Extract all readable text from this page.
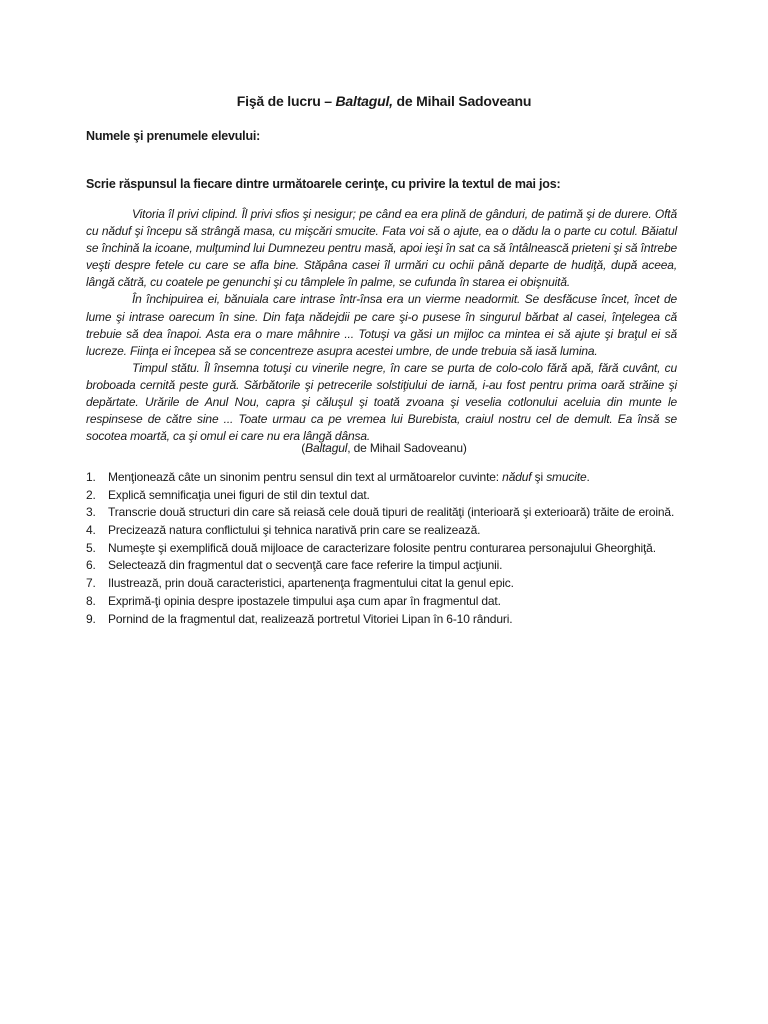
Fişă de lucru – Baltagul, de Mihail Sadoveanu
Numele şi prenumele elevului:
Scrie răspunsul la fiecare dintre următoarele cerinţe, cu privire la textul de mai jos:

Vitoria îl privi clipind. Îl privi sfios şi nesigur; pe când ea era plină de gânduri, de patimă şi de durere. Oftă cu năduf şi începu să strângă masa, cu mişcări smucite. Fata voi să o ajute, ea o dădu la o parte cu cotul. Băiatul se închină la icoane, mulţumind lui Dumnezeu pentru masă, apoi ieşi în sat ca să întâlnească prieteni şi să întrebe veşti despre fetele cu care se afla bine. Stăpâna casei îl urmări cu ochii până departe de hudiţă, după aceea, lângă cătră, cu coatele pe genunchi şi cu tâmplele în palme, se cufunda în starea ei obişnuită.

În închipuirea ei, bănuiala care intrase într-însa era un vierme neadormit. Se desfăcuse încet, încet de lume şi intrase oarecum în sine. Din faţa nădejdii pe care şi-o pusese în singurul bărbat al casei, înţelegea că trebuie să dea înapoi. Asta era o mare mâhnire ... Totuşi va găsi un mijloc ca mintea ei să ajute şi braţul ei să lucreze. Fiinţa ei începea să se concentreze asupra acestei umbre, de unde trebuia să iasă lumina.

Timpul stătu. Îl însemna totuşi cu vinerile negre, în care se purta de colo-colo fără apă, fără cuvânt, cu broboada cernită peste gură. Sărbătorile şi petrecerile solstiţiului de iarnă, i-au fost pentru prima oară străine şi depărtate. Urările de Anul Nou, capra şi căluşul şi toată zvoana şi veselia cotlonului aceluia din munte le respinsese de către sine ... Toate urmau ca pe vremea lui Burebista, craiul nostru cel de demult. Ea însă se socotea moartă, ca şi omul ei care nu era lângă dânsa.

(Baltagul, de Mihail Sadoveanu)
1. Menţionează câte un sinonim pentru sensul din text al următoarelor cuvinte: năduf şi smucite.
2. Explică semnificaţia unei figuri de stil din textul dat.
3. Transcrie două structuri din care să reiasă cele două tipuri de realităţi (interioară şi exterioară) trăite de eroină.
4. Precizează natura conflictului şi tehnica narativă prin care se realizează.
5. Numeşte şi exemplifică două mijloace de caracterizare folosite pentru conturarea personajului Gheorghiţă.
6. Selectează din fragmentul dat o secvenţă care face referire la timpul acţiunii.
7. Ilustrează, prin două caracteristici, apartenenţa fragmentului citat la genul epic.
8. Exprimă-ţi opinia despre ipostazele timpului aşa cum apar în fragmentul dat.
9. Pornind de la fragmentul dat, realizează portretul Vitoriei Lipan în 6-10 rânduri.
